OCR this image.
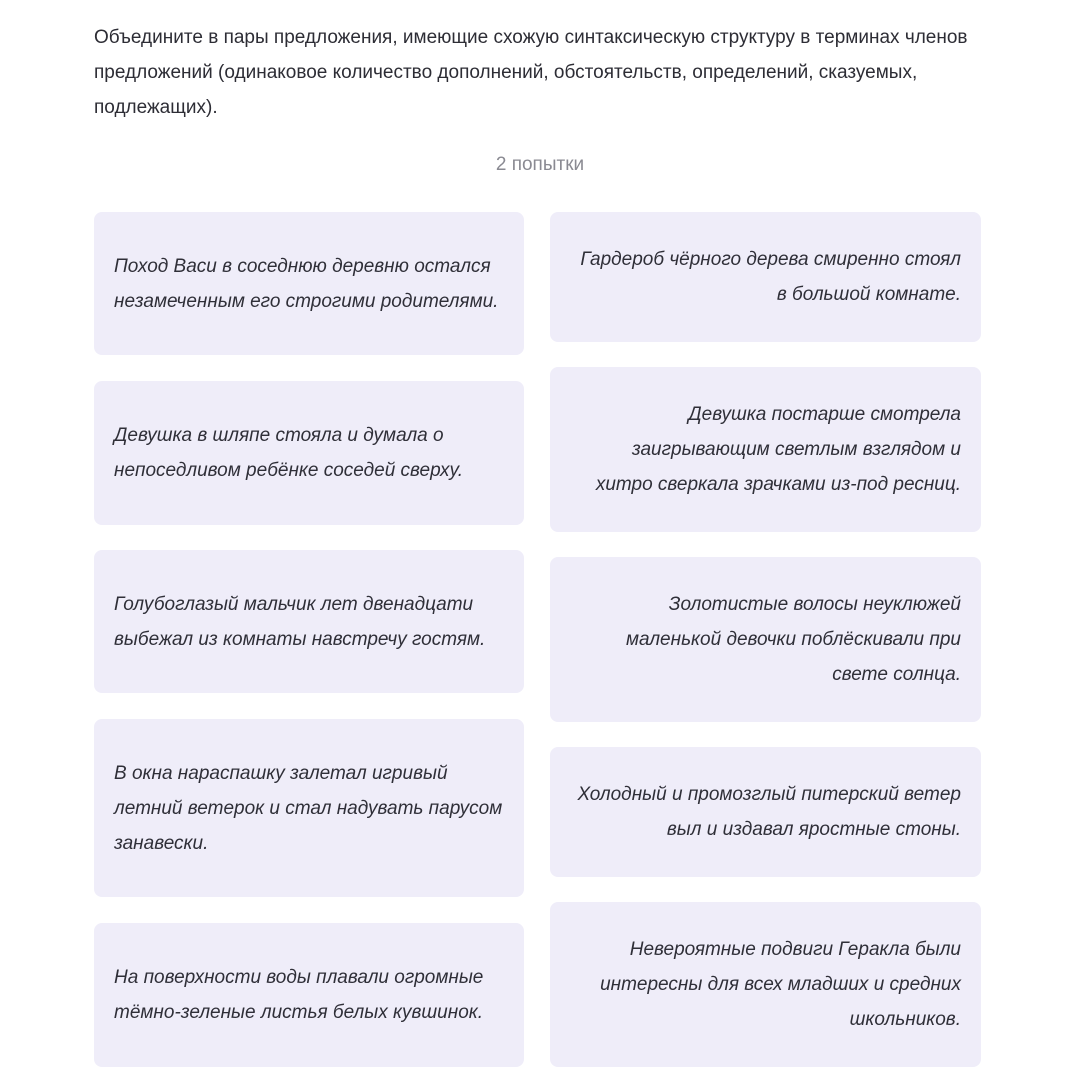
Объедините в пары предложения, имеющие схожую синтаксическую структуру в терминах членов предложений (одинаковое количество дополнений, обстоятельств, определений, сказуемых, подлежащих).

2 попытки
Поход Васи в соседнюю деревню остался незамеченным его строгими родителями.
Девушка в шляпе стояла и думала о непоседливом ребёнке соседей сверху.
Голубоглазый мальчик лет двенадцати выбежал из комнаты навстречу гостям.
В окна нараспашку залетал игривый летний ветерок и стал надувать парусом занавески.
На поверхности воды плавали огромные тёмно-зеленые листья белых кувшинок.
Гардероб чёрного дерева смиренно стоял в большой комнате.
Девушка постарше смотрела заигрывающим светлым взглядом и хитро сверкала зрачками из-под ресниц.
Золотистые волосы неуклюжей маленькой девочки поблёскивали при свете солнца.
Холодный и промозглый питерский ветер выл и издавал яростные стоны.
Невероятные подвиги Геракла были интересны для всех младших и средних школьников.
